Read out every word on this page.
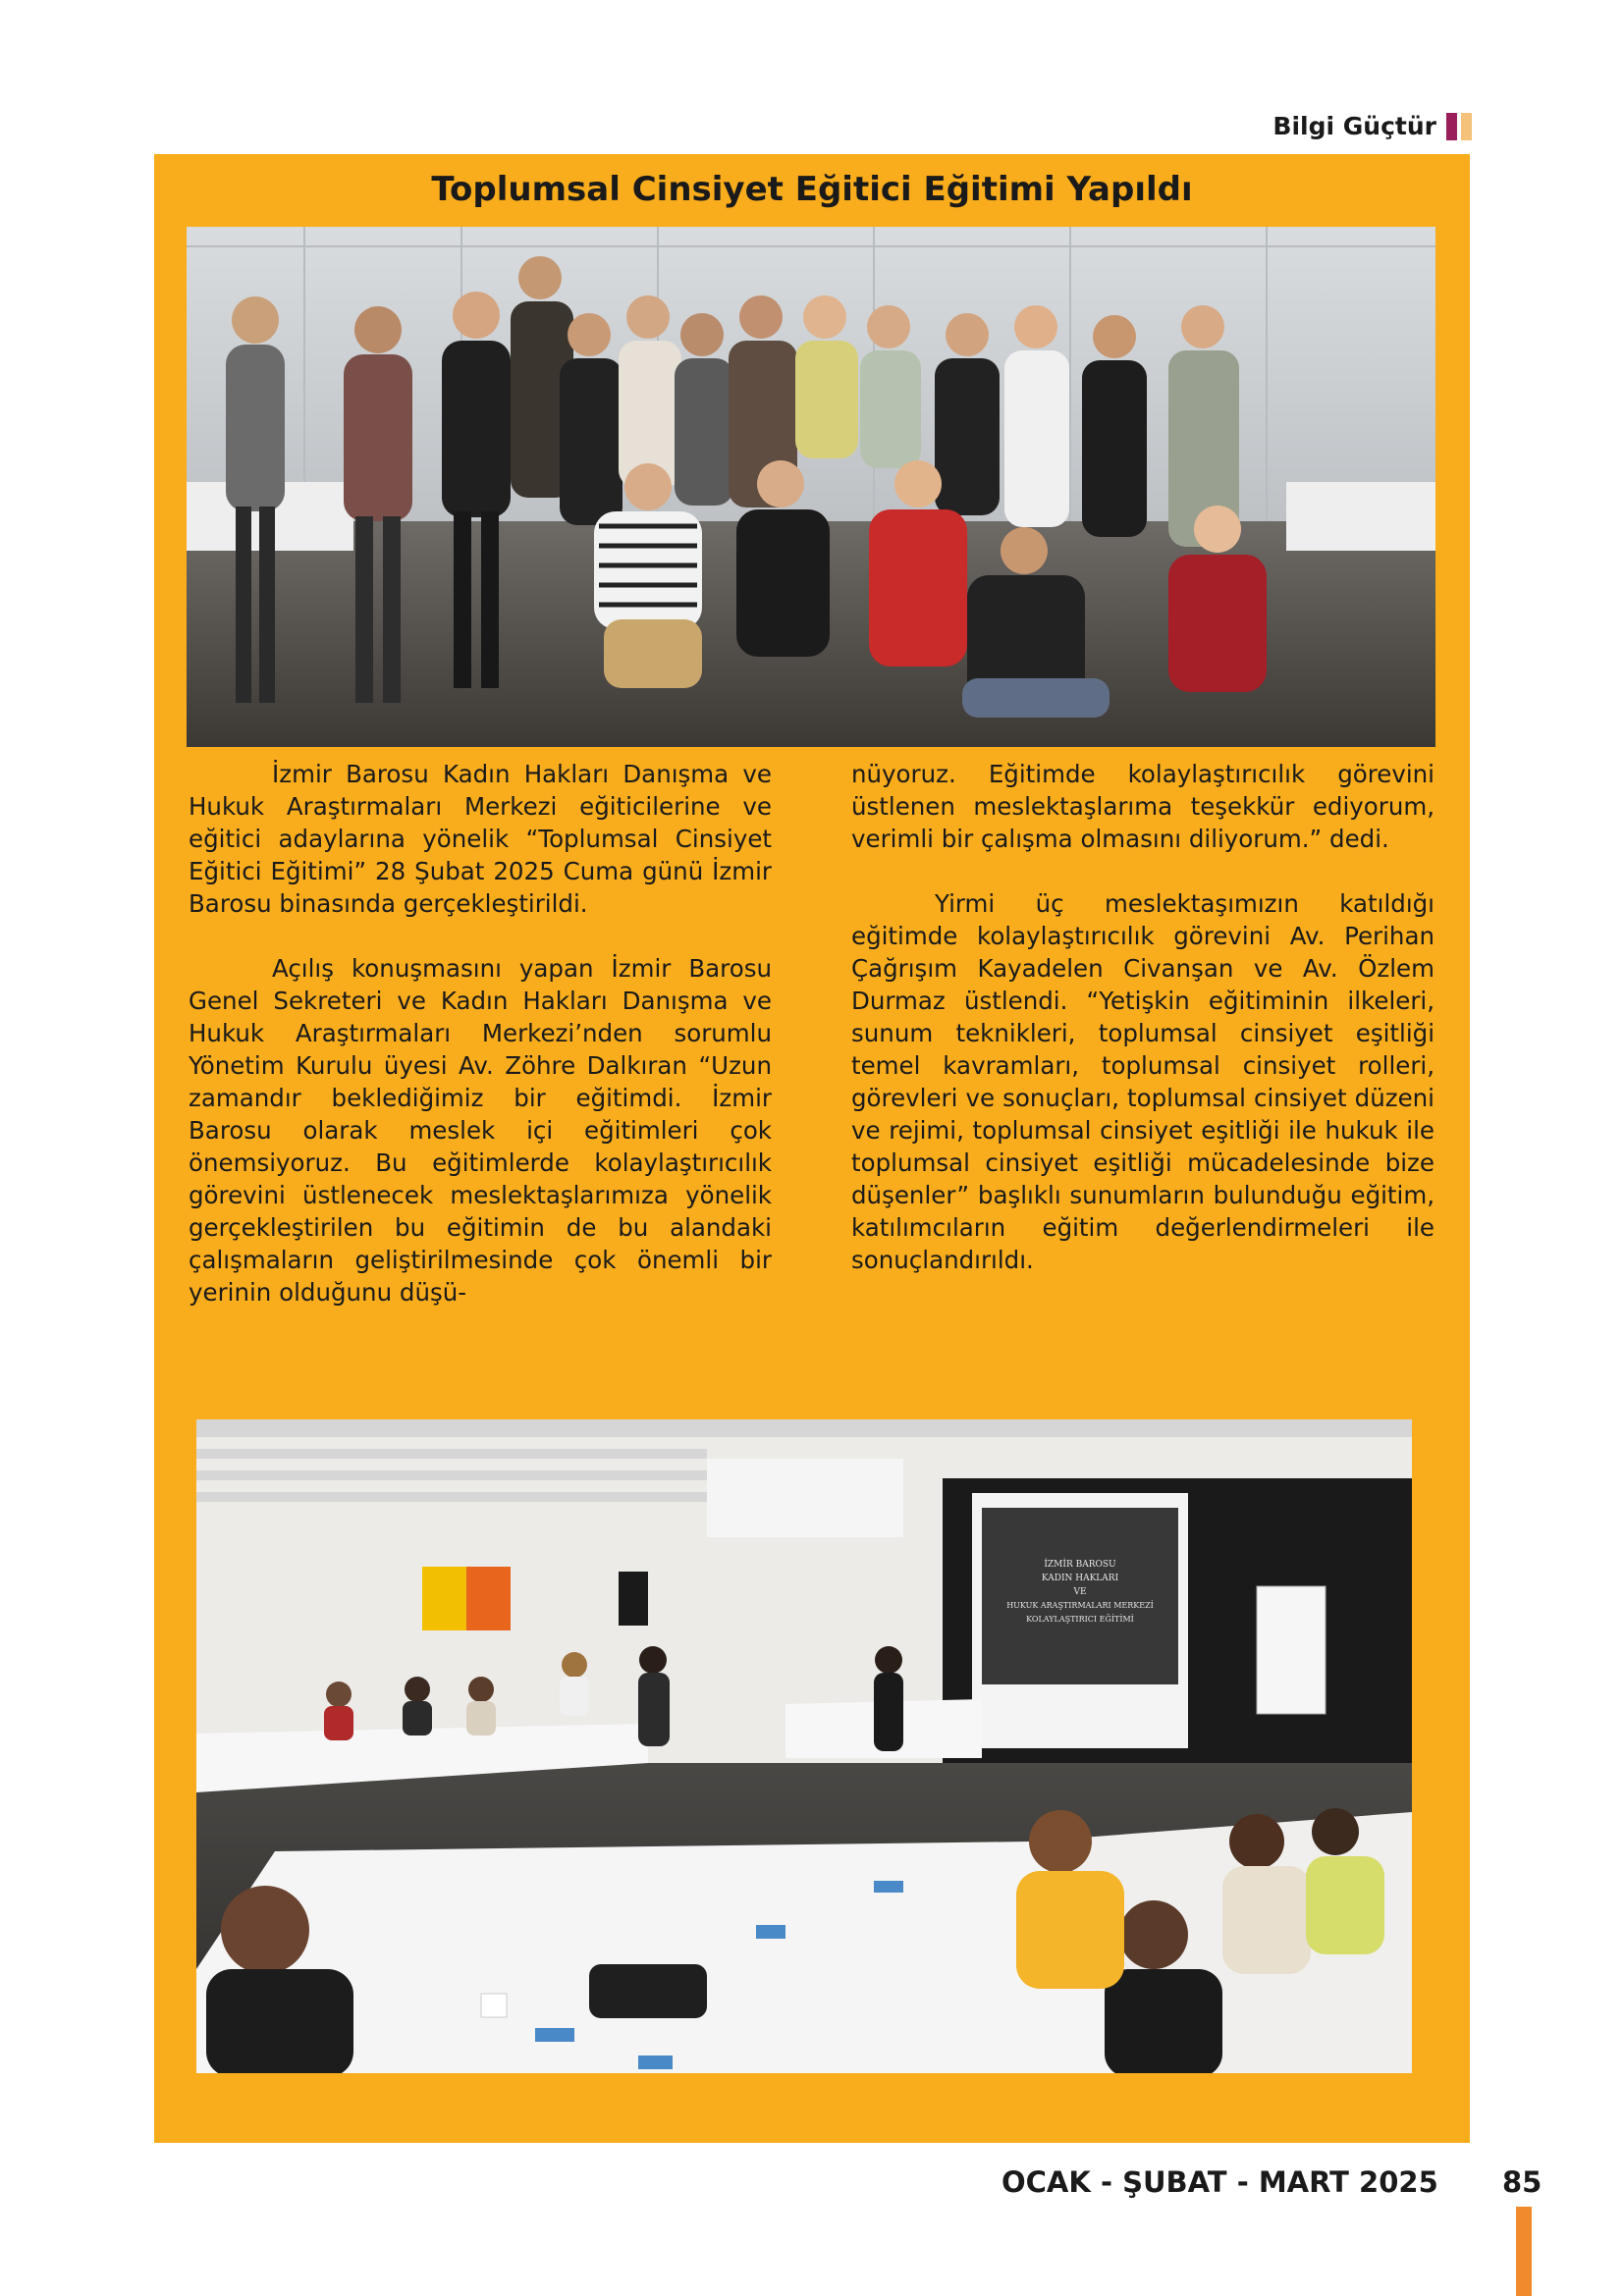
Bilgi Güçtür
Toplumsal Cinsiyet Eğitici Eğitimi Yapıldı

İzmir Barosu Kadın Hakları Danışma ve Hukuk Araştırmaları Merkezi eğiticilerine ve eğitici adaylarına yönelik “Toplumsal Cinsiyet Eğitici Eğitimi” 28 Şubat 2025 Cuma günü İzmir Barosu binasında gerçekleştirildi.

Açılış konuşmasını yapan İzmir Barosu Genel Sekreteri ve Kadın Hakları Danışma ve Hukuk Araştırmaları Merkezi’nden sorumlu Yönetim Kurulu üyesi Av. Zöhre Dalkıran “Uzun zamandır beklediğimiz bir eğitimdi. İzmir Barosu olarak meslek içi eğitimleri çok önemsiyoruz. Bu eğitimlerde kolaylaştırıcılık görevini üstlenecek meslektaşlarımıza yönelik gerçekleştirilen bu eğitimin de bu alandaki çalışmaların geliştirilmesinde çok önemli bir yerinin olduğunu düşü-

nüyoruz. Eğitimde kolaylaştırıcılık görevini üstlenen meslektaşlarıma teşekkür ediyorum, verimli bir çalışma olmasını diliyorum.” dedi.

Yirmi üç meslektaşımızın katıldığı eğitimde kolaylaştırıcılık görevini Av. Perihan Çağrışım Kayadelen Civanşan ve Av. Özlem Durmaz üstlendi. “Yetişkin eğitiminin ilkeleri, sunum teknikleri, toplumsal cinsiyet eşitliği temel kavramları, toplumsal cinsiyet rolleri, görevleri ve sonuçları, toplumsal cinsiyet düzeni ve rejimi, toplumsal cinsiyet eşitliği ile hukuk ile toplumsal cinsiyet eşitliği mücadelesinde bize düşenler” başlıklı sunumların bulunduğu eğitim, katılımcıların eğitim değerlendirmeleri ile sonuçlandırıldı.

İZMİR BAROSU
KADIN HAKLARI
VE
HUKUK ARAŞTIRMALARI MERKEZİ
KOLAYLAŞTIRICI EĞİTİMİ
OCAK - ŞUBAT - MART 2025 85
